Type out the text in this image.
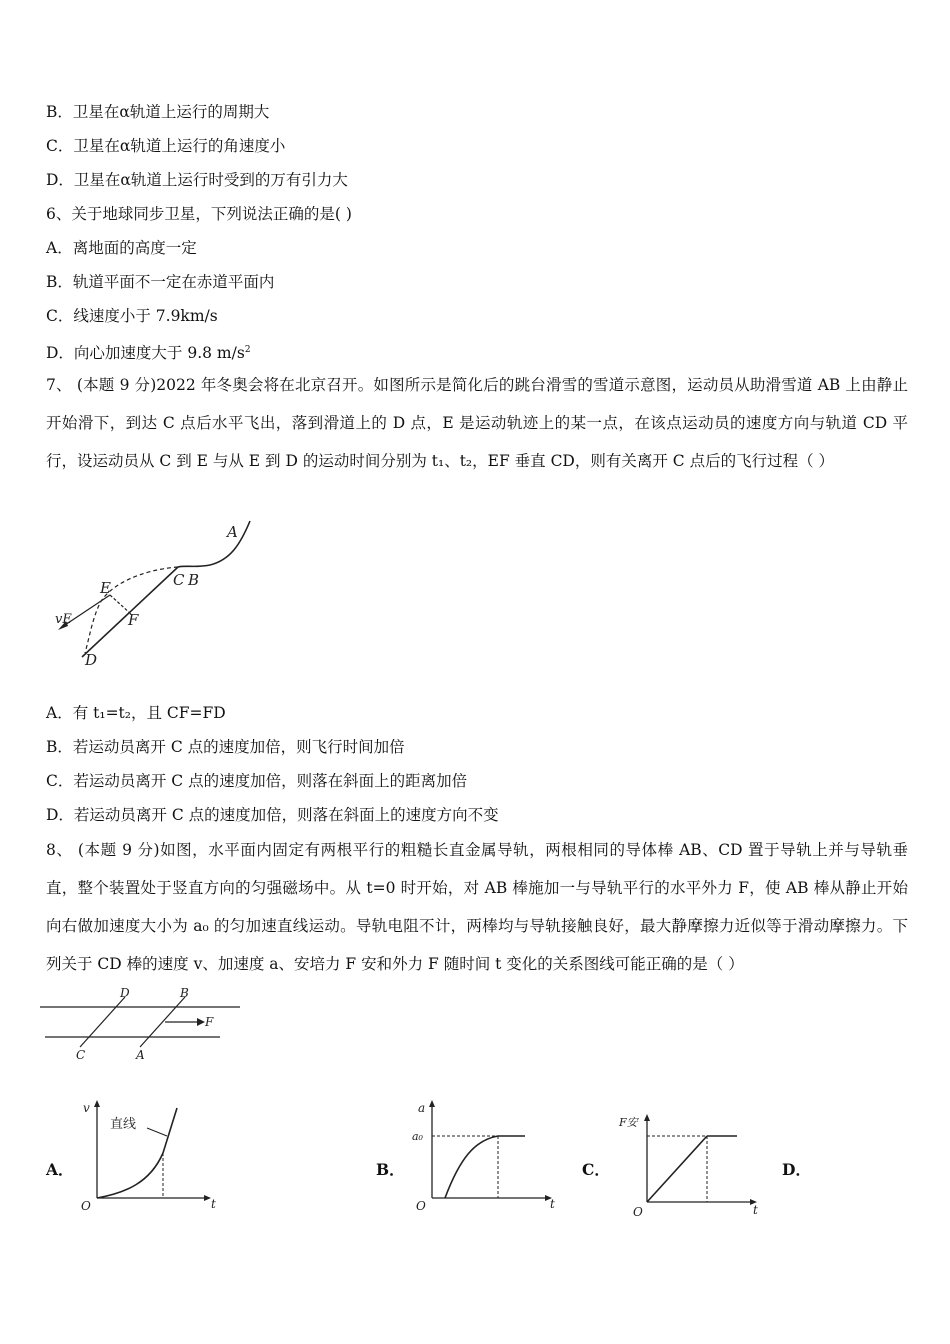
B．卫星在α轨道上运行的周期大
C．卫星在α轨道上运行的角速度小
D．卫星在α轨道上运行时受到的万有引力大
6、关于地球同步卫星，下列说法正确的是( )
A．离地面的高度一定
B．轨道平面不一定在赤道平面内
C．线速度小于 7.9km/s
D．向心加速度大于 9.8 $m/s^2$
7、 (本题 9 分)2022 年冬奥会将在北京召开。如图所示是简化后的跳台滑雪的雪道示意图，运动员从助滑雪道 AB 上由静止开始滑下，到达 C 点后水平飞出，落到滑道上的 D 点，E 是运动轨迹上的某一点，在该点运动员的速度方向与轨道 CD 平行，设运动员从 C 到 E 与从 E 到 D 的运动时间分别为 t₁、t₂，EF 垂直 CD，则有关离开 C 点后的飞行过程（ ）
A
C B
E
F
vE
D
A．有 t₁=t₂，且 CF=FD
B．若运动员离开 C 点的速度加倍，则飞行时间加倍
C．若运动员离开 C 点的速度加倍，则落在斜面上的距离加倍
D．若运动员离开 C 点的速度加倍，则落在斜面上的速度方向不变
8、 (本题 9 分)如图，水平面内固定有两根平行的粗糙长直金属导轨，两根相同的导体棒 AB、CD 置于导轨上并与导轨垂直，整个装置处于竖直方向的匀强磁场中。从 t=0 时开始，对 AB 棒施加一与导轨平行的水平外力 F，使 AB 棒从静止开始向右做加速度大小为 a₀ 的匀加速直线运动。导轨电阻不计，两棒均与导轨接触良好，最大静摩擦力近似等于滑动摩擦力。下列关于 CD 棒的速度 v、加速度 a、安培力 F 安和外力 F 随时间 t 变化的关系图线可能正确的是（ ）
D	B
F
C	A
A．
v
t
O
直线
B．
a
a₀
t
O
C．
F安
t
O
D．
